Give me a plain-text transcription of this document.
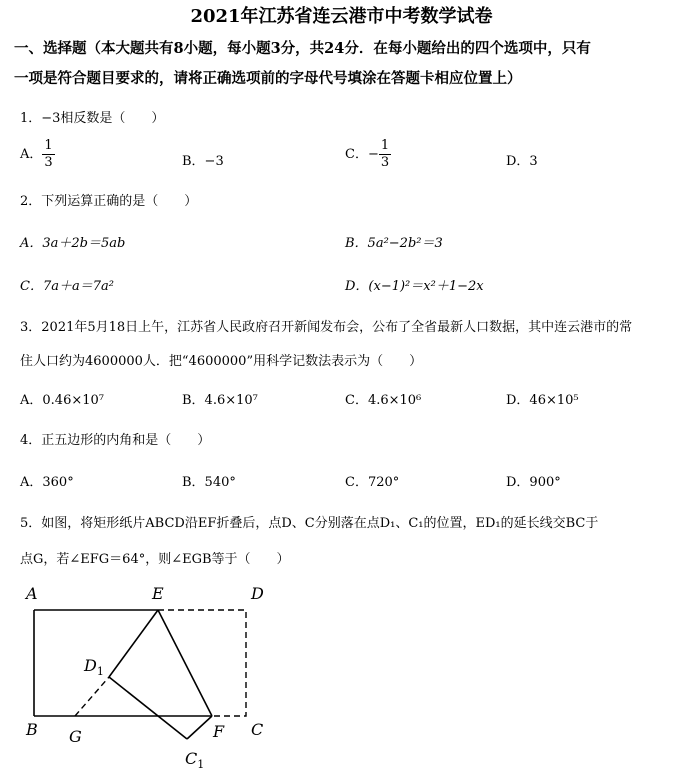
2021年江苏省连云港市中考数学试卷
一、选择题（本大题共有8小题，每小题3分，共24分．在每小题给出的四个选项中，只有
一项是符合题目要求的，请将正确选项前的字母代号填涂在答题卡相应位置上）
1．−3相反数是（　　）
A． $\frac{1}{3}$	B．−3	C．− $\frac{1}{3}$	D．3
2．下列运算正确的是（　　）
A．3a＋2b＝5ab	B．5a²−2b²＝3
C．7a＋a＝7a²	D．(x−1)²＝x²＋1−2x
3．2021年5月18日上午，江苏省人民政府召开新闻发布会，公布了全省最新人口数据，其中连云港市的常
住人口约为4600000人．把“4600000”用科学记数法表示为（　　）
A．0.46×10⁷	B．4.6×10⁷	C．4.6×10⁶	D．46×10⁵
4．正五边形的内角和是（　　）
A．360°	B．540°	C．720°	D．900°
5．如图，将矩形纸片ABCD沿EF折叠后，点D、C分别落在点D₁、C₁的位置，ED₁的延长线交BC于
点G，若∠EFG＝64°，则∠EGB等于（　　）
A	E	D
$D_1$
B G	F C
$C_1$
